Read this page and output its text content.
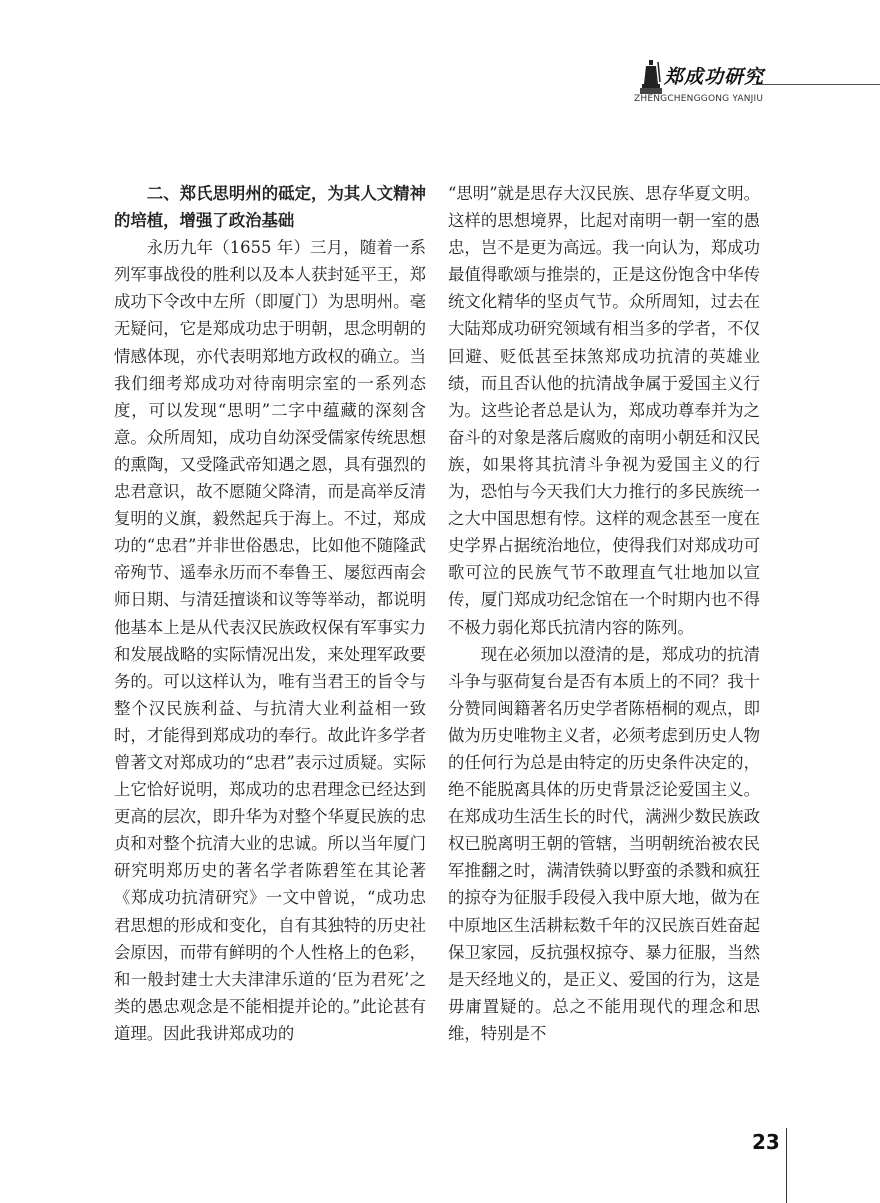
郑成功研究
ZHENGCHENGGONG YANJIU

二、郑氏思明州的砥定，为其人文精神的培植，增强了政治基础

永历九年（1655 年）三月，随着一系列军事战役的胜利以及本人获封延平王，郑成功下令改中左所（即厦门）为思明州。毫无疑问，它是郑成功忠于明朝，思念明朝的情感体现，亦代表明郑地方政权的确立。当我们细考郑成功对待南明宗室的一系列态度，可以发现“思明”二字中蕴藏的深刻含意。众所周知，成功自幼深受儒家传统思想的熏陶，又受隆武帝知遇之恩，具有强烈的忠君意识，故不愿随父降清，而是高举反清复明的义旗，毅然起兵于海上。不过，郑成功的“忠君”并非世俗愚忠，比如他不随隆武帝殉节、遥奉永历而不奉鲁王、屡愆西南会师日期、与清廷擅谈和议等等举动，都说明他基本上是从代表汉民族政权保有军事实力和发展战略的实际情况出发，来处理军政要务的。可以这样认为，唯有当君王的旨令与整个汉民族利益、与抗清大业利益相一致时，才能得到郑成功的奉行。故此许多学者曾著文对郑成功的“忠君”表示过质疑。实际上它恰好说明，郑成功的忠君理念已经达到更高的层次，即升华为对整个华夏民族的忠贞和对整个抗清大业的忠诚。所以当年厦门研究明郑历史的著名学者陈碧笙在其论著《郑成功抗清研究》一文中曾说，“成功忠君思想的形成和变化，自有其独特的历史社会原因，而带有鲜明的个人性格上的色彩，和一般封建士大夫津津乐道的‘臣为君死’之类的愚忠观念是不能相提并论的。”此论甚有道理。因此我讲郑成功的

“思明”就是思存大汉民族、思存华夏文明。这样的思想境界，比起对南明一朝一室的愚忠，岂不是更为高远。我一向认为，郑成功最值得歌颂与推崇的，正是这份饱含中华传统文化精华的坚贞气节。众所周知，过去在大陆郑成功研究领域有相当多的学者，不仅回避、贬低甚至抹煞郑成功抗清的英雄业绩，而且否认他的抗清战争属于爱国主义行为。这些论者总是认为，郑成功尊奉并为之奋斗的对象是落后腐败的南明小朝廷和汉民族，如果将其抗清斗争视为爱国主义的行为，恐怕与今天我们大力推行的多民族统一之大中国思想有悖。这样的观念甚至一度在史学界占据统治地位，使得我们对郑成功可歌可泣的民族气节不敢理直气壮地加以宣传，厦门郑成功纪念馆在一个时期内也不得不极力弱化郑氏抗清内容的陈列。

现在必须加以澄清的是，郑成功的抗清斗争与驱荷复台是否有本质上的不同？我十分赞同闽籍著名历史学者陈梧桐的观点，即做为历史唯物主义者，必须考虑到历史人物的任何行为总是由特定的历史条件决定的，绝不能脱离具体的历史背景泛论爱国主义。在郑成功生活生长的时代，满洲少数民族政权已脱离明王朝的管辖，当明朝统治被农民军推翻之时，满清铁骑以野蛮的杀戮和疯狂的掠夺为征服手段侵入我中原大地，做为在中原地区生活耕耘数千年的汉民族百姓奋起保卫家园，反抗强权掠夺、暴力征服，当然是天经地义的，是正义、爱国的行为，这是毋庸置疑的。总之不能用现代的理念和思维，特别是不

23
